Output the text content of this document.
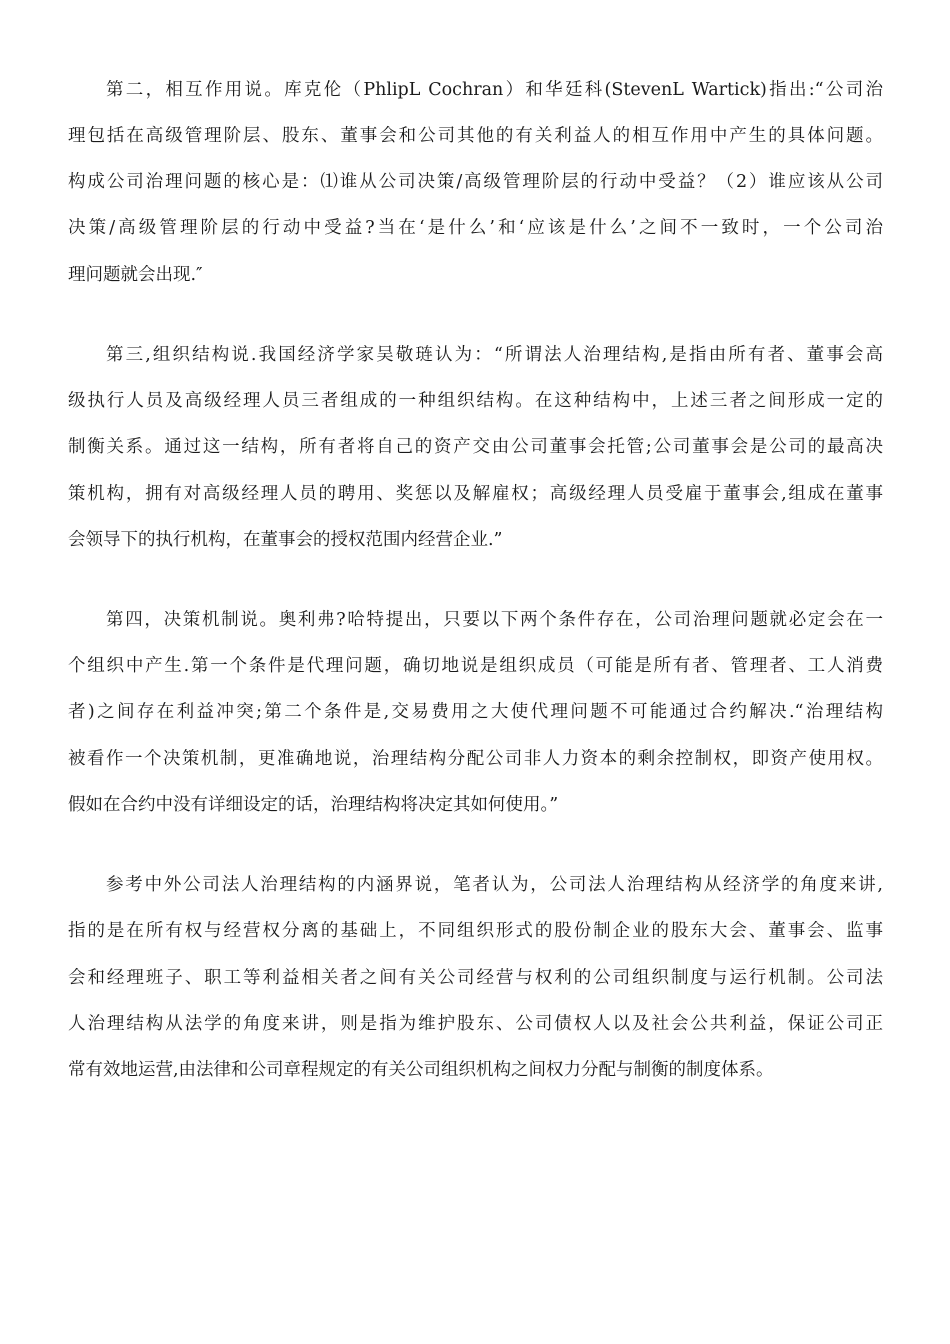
第二，相互作用说。库克伦（PhlipL Cochran）和华廷科(StevenL Wartick)指出:“公司治
理包括在高级管理阶层、股东、董事会和公司其他的有关利益人的相互作用中产生的具体问题。
构成公司治理问题的核心是：⑴谁从公司决策/高级管理阶层的行动中受益？（2）谁应该从公司
决策/高级管理阶层的行动中受益?当在‘是什么’和‘应该是什么’之间不一致时，一个公司治
理问题就会出现.″
第三,组织结构说.我国经济学家吴敬琏认为：“所谓法人治理结构,是指由所有者、董事会高
级执行人员及高级经理人员三者组成的一种组织结构。在这种结构中，上述三者之间形成一定的
制衡关系。通过这一结构，所有者将自己的资产交由公司董事会托管;公司董事会是公司的最高决
策机构，拥有对高级经理人员的聘用、奖惩以及解雇权；高级经理人员受雇于董事会,组成在董事
会领导下的执行机构，在董事会的授权范围内经营企业.”
第四，决策机制说。奥利弗?哈特提出，只要以下两个条件存在，公司治理问题就必定会在一
个组织中产生.第一个条件是代理问题，确切地说是组织成员（可能是所有者、管理者、工人消费
者)之间存在利益冲突;第二个条件是,交易费用之大使代理问题不可能通过合约解决.“治理结构
被看作一个决策机制，更准确地说，治理结构分配公司非人力资本的剩余控制权，即资产使用权。
假如在合约中没有详细设定的话，治理结构将决定其如何使用。”
参考中外公司法人治理结构的内涵界说，笔者认为，公司法人治理结构从经济学的角度来讲,
指的是在所有权与经营权分离的基础上，不同组织形式的股份制企业的股东大会、董事会、监事
会和经理班子、职工等利益相关者之间有关公司经营与权利的公司组织制度与运行机制。公司法
人治理结构从法学的角度来讲，则是指为维护股东、公司债权人以及社会公共利益，保证公司正
常有效地运营,由法律和公司章程规定的有关公司组织机构之间权力分配与制衡的制度体系。
